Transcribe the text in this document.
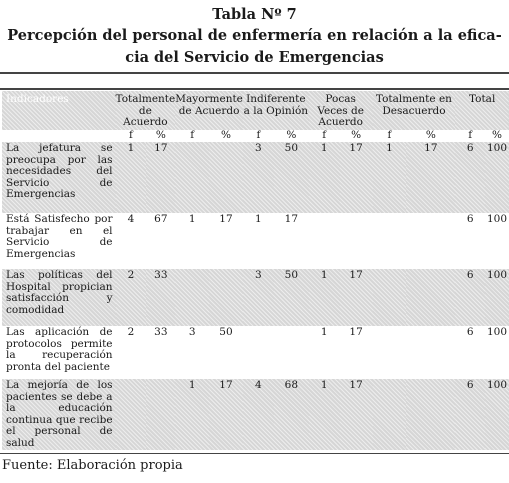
Tabla Nº 7
Percepción del personal de enfermería en relación a la efica-
cia del Servicio de Emergencias
Indicadores	Totalmente de Acuerdo		Mayormente de Acuerdo		Indiferente a la Opinión		Pocas Veces de Acuerdo		Totalmente en Desacuerdo		Total	
	f	%	f	%	f	%	f	%	f	%	f	%
La jefatura se preocupa por las necesidades del Servicio de Emergencias	1	17			3	50	1	17	1	17	6	100
Está Satisfecho por trabajar en el Servicio de Emergencias	4	67	1	17	1	17					6	100
Las políticas del Hospital propician satisfacción y comodidad	2	33			3	50	1	17			6	100
Las aplicación de protocolos permite la recuperación pronta del paciente	2	33	3	50			1	17			6	100
La mejoría de los pacientes se debe a la educación continua que recibe el personal de salud			1	17	4	68	1	17			6	100
Fuente: Elaboración propia
